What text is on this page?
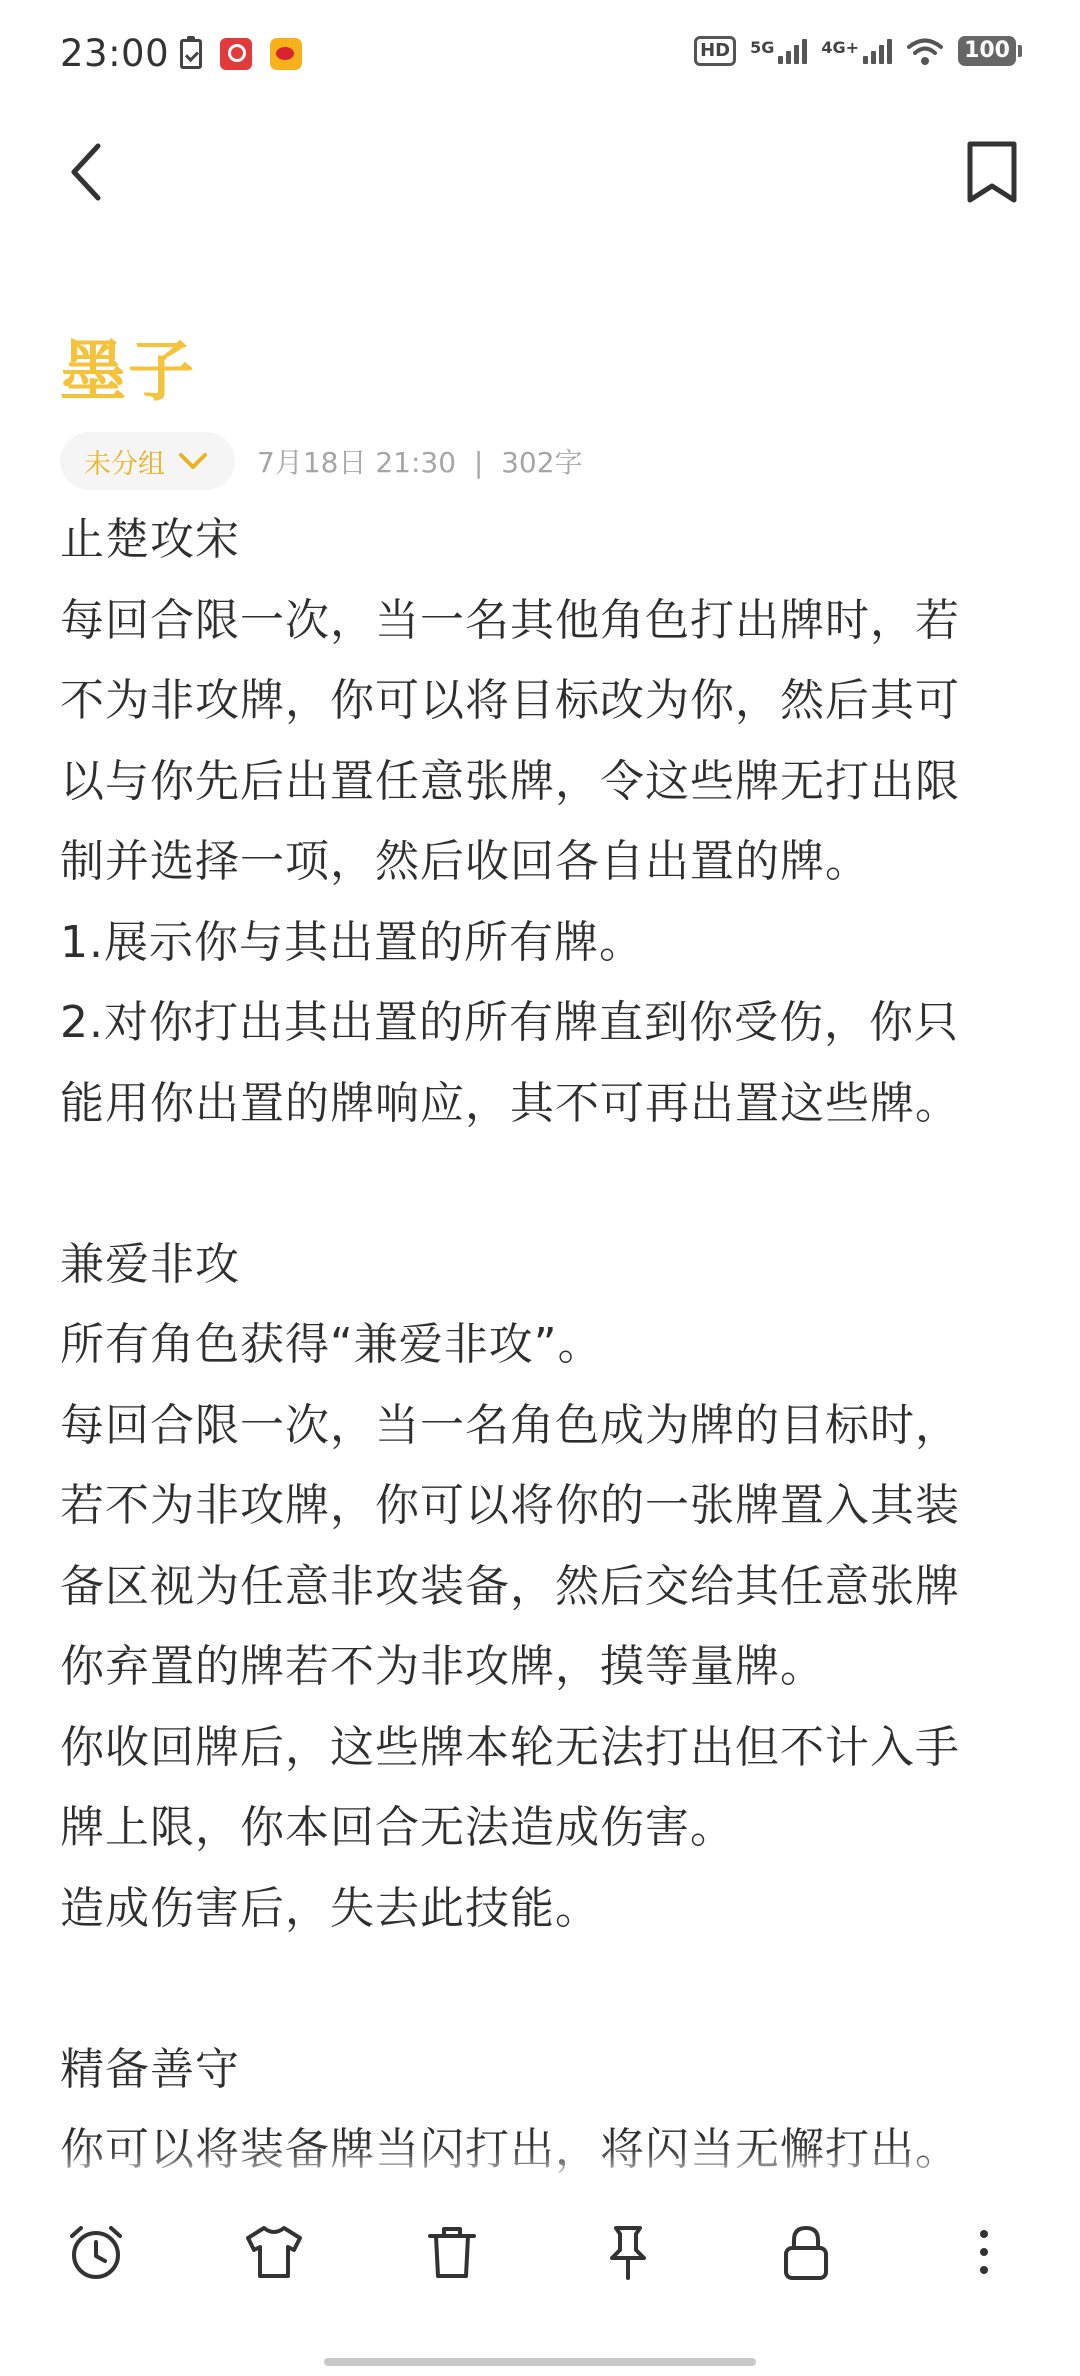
23:00	HD	5G	4G+	100
墨子
未分组	7月18日 21:30  |  302字
止楚攻宋
每回合限一次，当一名其他角色打出牌时，若
不为非攻牌，你可以将目标改为你，然后其可
以与你先后出置任意张牌，令这些牌无打出限
制并选择一项，然后收回各自出置的牌。
1.展示你与其出置的所有牌。
2.对你打出其出置的所有牌直到你受伤，你只
能用你出置的牌响应，其不可再出置这些牌。
兼爱非攻
所有角色获得“兼爱非攻”。
每回合限一次，当一名角色成为牌的目标时，
若不为非攻牌，你可以将你的一张牌置入其装
备区视为任意非攻装备，然后交给其任意张牌
你弃置的牌若不为非攻牌，摸等量牌。
你收回牌后，这些牌本轮无法打出但不计入手
牌上限，你本回合无法造成伤害。
造成伤害后，失去此技能。
精备善守
你可以将装备牌当闪打出，将闪当无懈打出。
